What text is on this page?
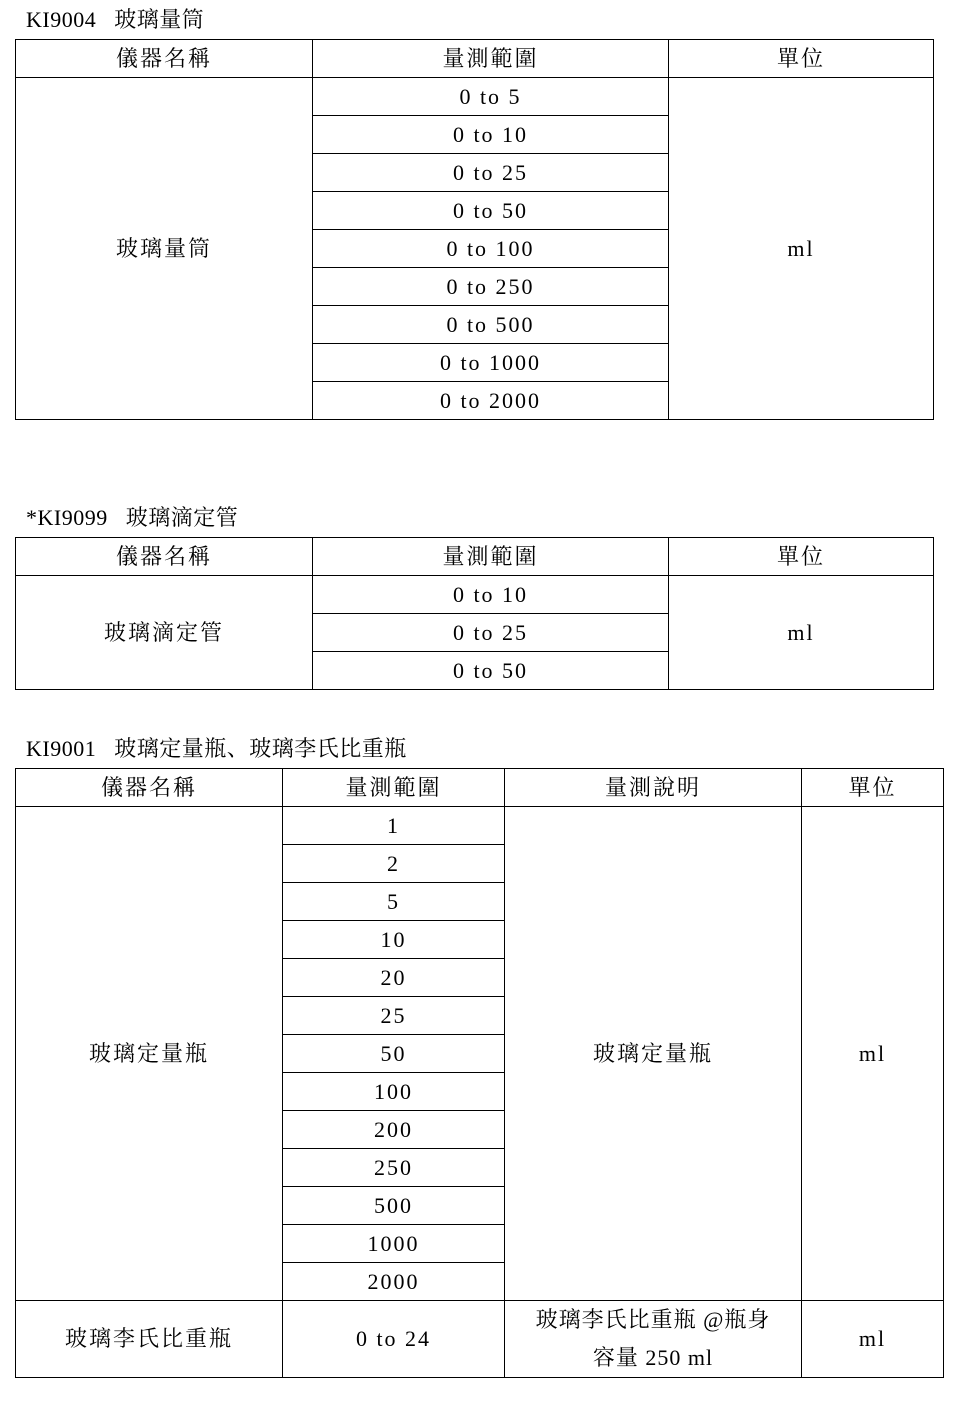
KI9004 玻璃量筒
儀器名稱	量測範圍	單位
玻璃量筒	0 to 5	ml
	0 to 10	
	0 to 25	
	0 to 50	
	0 to 100	
	0 to 250	
	0 to 500	
	0 to 1000	
	0 to 2000	
*KI9099 玻璃滴定管
儀器名稱	量測範圍	單位
玻璃滴定管	0 to 10	ml
	0 to 25	
	0 to 50	
KI9001 玻璃定量瓶、玻璃李氏比重瓶
儀器名稱	量測範圍	量測說明	單位
玻璃定量瓶	1	玻璃定量瓶	ml
	2		
	5		
	10		
	20		
	25		
	50		
	100		
	200		
	250		
	500		
	1000		
	2000		
玻璃李氏比重瓶	0 to 24	玻璃李氏比重瓶 @瓶身
容量 250 ml	ml
